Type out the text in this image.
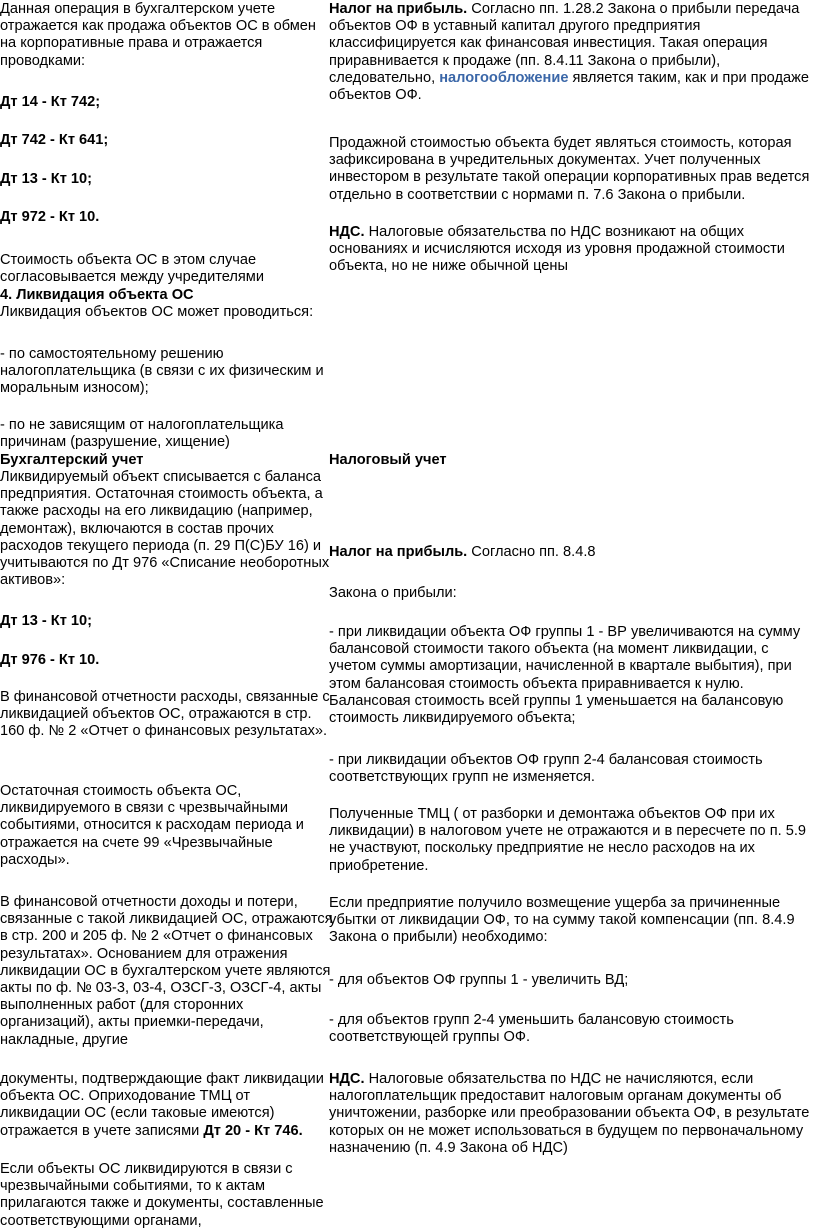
Данная операция в бухгалтерском учете отражается как продажа объектов ОС в обмен на корпоративные права и отражается проводками:

Дт 14 - Кт 742;

Дт 742 - Кт 641;

Дт 13 - Кт 10;

Дт 972 - Кт 10.

Стоимость объекта ОС в этом случае согласовывается между учредителями

4. Ликвидация объекта ОС

Ликвидация объектов ОС может проводиться:

- по самостоятельному решению налогоплательщика (в связи с их физическим и моральным износом);

- по не зависящим от налогоплательщика причинам (разрушение, хищение)

Бухгалтерский учет

Ликвидируемый объект списывается с баланса предприятия. Остаточная стоимость объекта, а также расходы на его ликвидацию (например, демонтаж), включаются в состав прочих расходов текущего периода (п. 29 П(С)БУ 16) и учитываются по Дт 976 «Списание необоротных активов»:

Дт 13 - Кт 10;

Дт 976 - Кт 10.

В финансовой отчетности расходы, связанные с ликвидацией объектов ОС, отражаются в стр. 160 ф. № 2 «Отчет о финансовых результатах».

Остаточная стоимость объекта ОС, ликвидируемого в связи с чрезвычайными событиями, относится к расходам периода и отражается на счете 99 «Чрезвычайные расходы».

В финансовой отчетности доходы и потери, связанные с такой ликвидацией ОС, отражаются в стр. 200 и 205 ф. № 2 «Отчет о финансовых результатах». Основанием для отражения ликвидации ОС в бухгалтерском учете являются акты по ф. № 03-3, 03-4, ОЗСГ-3, ОЗСГ-4, акты выполненных работ (для сторонних организаций), акты приемки-передачи, накладные, другие

документы, подтверждающие факт ликвидации объекта ОС. Оприходование ТМЦ от ликвидации ОС (если таковые имеются) отражается в учете записями Дт 20 - Кт 746.

Если объекты ОС ликвидируются в связи с чрезвычайными событиями, то к актам прилагаются также и документы, составленные соответствующими органами,

Налог на прибыль. Согласно пп. 1.28.2 Закона о прибыли передача объектов ОФ в уставный капитал другого предприятия классифицируется как финансовая инвестиция. Такая операция приравнивается к продаже (пп. 8.4.11 Закона о прибыли), следовательно, налогообложение является таким, как и при продаже объектов ОФ.

Продажной стоимостью объекта будет являться стоимость, которая зафиксирована в учредительных документах. Учет полученных инвестором в результате такой операции корпоративных прав ведется отдельно в соответствии с нормами п. 7.6 Закона о прибыли.

НДС. Налоговые обязательства по НДС возникают на общих основаниях и исчисляются исходя из уровня продажной стоимости объекта, но не ниже обычной цены

Налоговый учет

Налог на прибыль. Согласно пп. 8.4.8

Закона о прибыли:

- при ликвидации объекта ОФ группы 1 - ВР увеличиваются на сумму балансовой стоимости такого объекта (на момент ликвидации, с учетом суммы амортизации, начисленной в квартале выбытия), при этом балансовая стоимость объекта приравнивается к нулю. Балансовая стоимость всей группы 1 уменьшается на балансовую стоимость ликвидируемого объекта;

- при ликвидации объектов ОФ групп 2-4 балансовая стоимость соответствующих групп не изменяется.

Полученные ТМЦ ( от разборки и демонтажа объектов ОФ при их ликвидации) в налоговом учете не отражаются и в пересчете по п. 5.9 не участвуют, поскольку предприятие не несло расходов на их приобретение.

Если предприятие получило возмещение ущерба за причиненные убытки от ликвидации ОФ, то на сумму такой компенсации (пп. 8.4.9 Закона о прибыли) необходимо:

- для объектов ОФ группы 1 - увеличить ВД;

- для объектов групп 2-4 уменьшить балансовую стоимость соответствующей группы ОФ.

НДС. Налоговые обязательства по НДС не начисляются, если налогоплательщик предоставит налоговым органам документы об уничтожении, разборке или преобразовании объекта ОФ, в результате которых он не может использоваться в будущем по первоначальному назначению (п. 4.9 Закона об НДС)
